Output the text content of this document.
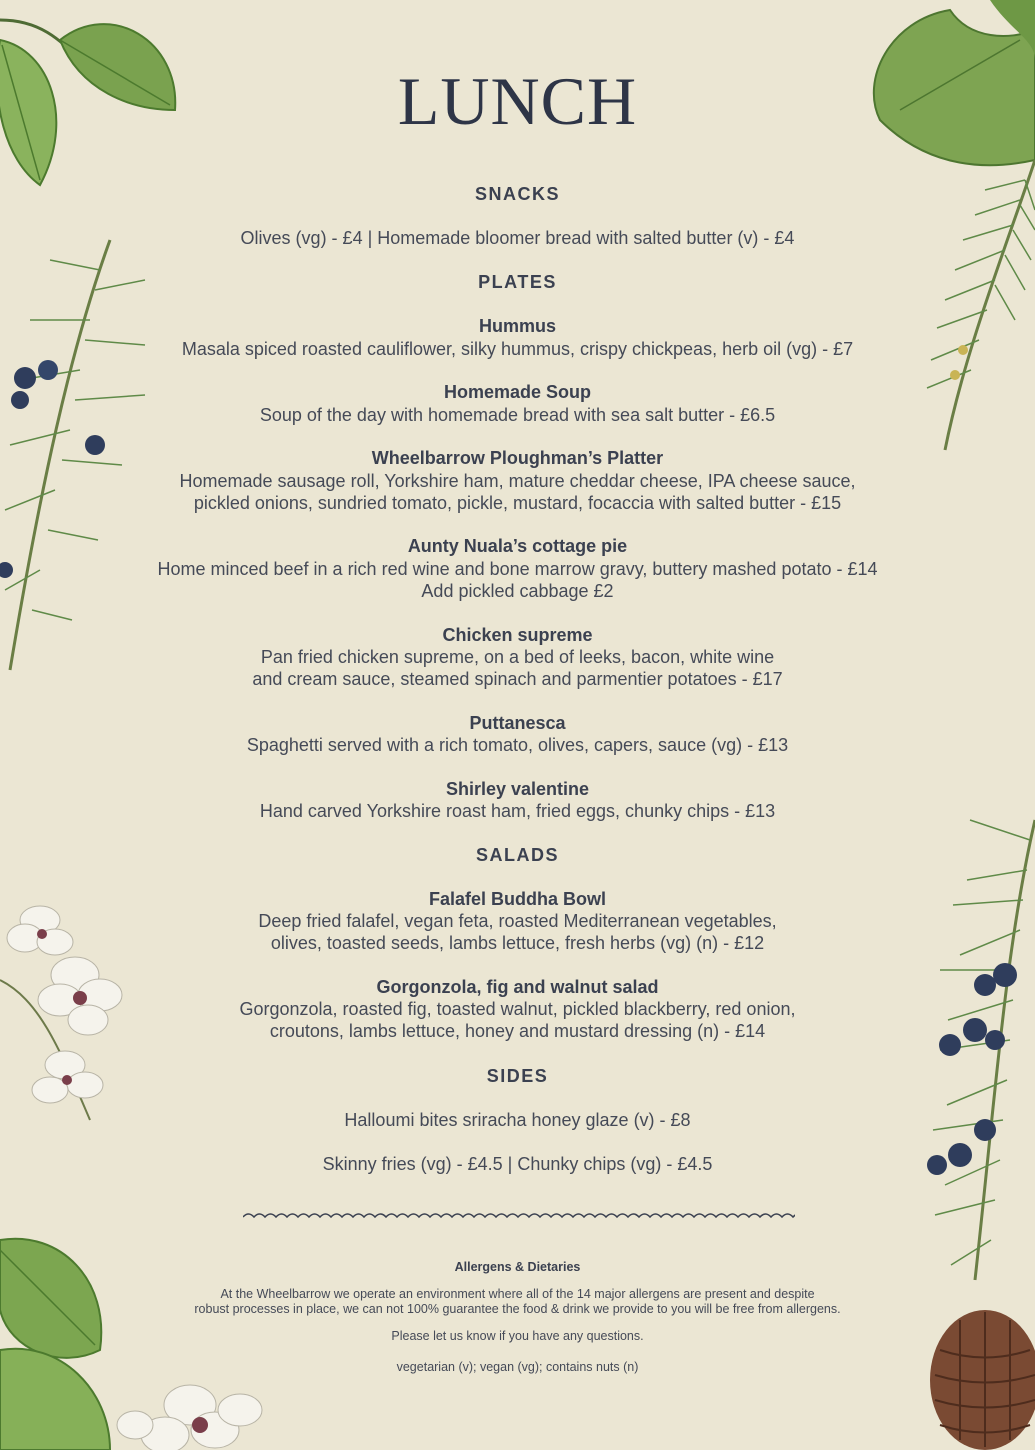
LUNCH
SNACKS
Olives (vg) - £4 | Homemade bloomer bread with salted butter (v) - £4
PLATES
Hummus
Masala spiced roasted cauliflower, silky hummus, crispy chickpeas, herb oil (vg) - £7
Homemade Soup
Soup of the day with homemade bread with sea salt butter - £6.5
Wheelbarrow Ploughman’s Platter
Homemade sausage roll, Yorkshire ham, mature cheddar cheese, IPA cheese sauce,
pickled onions, sundried tomato, pickle, mustard, focaccia with salted butter - £15
Aunty Nuala’s cottage pie
Home minced beef in a rich red wine and bone marrow gravy, buttery mashed potato - £14
Add pickled cabbage £2
Chicken supreme
Pan fried chicken supreme, on a bed of leeks, bacon, white wine
and cream sauce, steamed spinach and parmentier potatoes - £17
Puttanesca
Spaghetti served with a rich tomato, olives, capers, sauce (vg) - £13
Shirley valentine
Hand carved Yorkshire roast ham, fried eggs, chunky chips - £13
SALADS
Falafel Buddha Bowl
Deep fried falafel, vegan feta, roasted Mediterranean vegetables,
olives, toasted seeds, lambs lettuce, fresh herbs (vg) (n) - £12
Gorgonzola, fig and walnut salad
Gorgonzola, roasted fig, toasted walnut, pickled blackberry, red onion,
croutons, lambs lettuce, honey and mustard dressing (n) - £14
SIDES
Halloumi bites sriracha honey glaze (v) - £8
Skinny fries (vg) - £4.5 | Chunky chips (vg) - £4.5
Allergens & Dietaries
At the Wheelbarrow we operate an environment where all of the 14 major allergens are present and despite
robust processes in place, we can not 100% guarantee the food & drink we provide to you will be free from allergens.
Please let us know if you have any questions.
vegetarian (v); vegan (vg); contains nuts (n)
